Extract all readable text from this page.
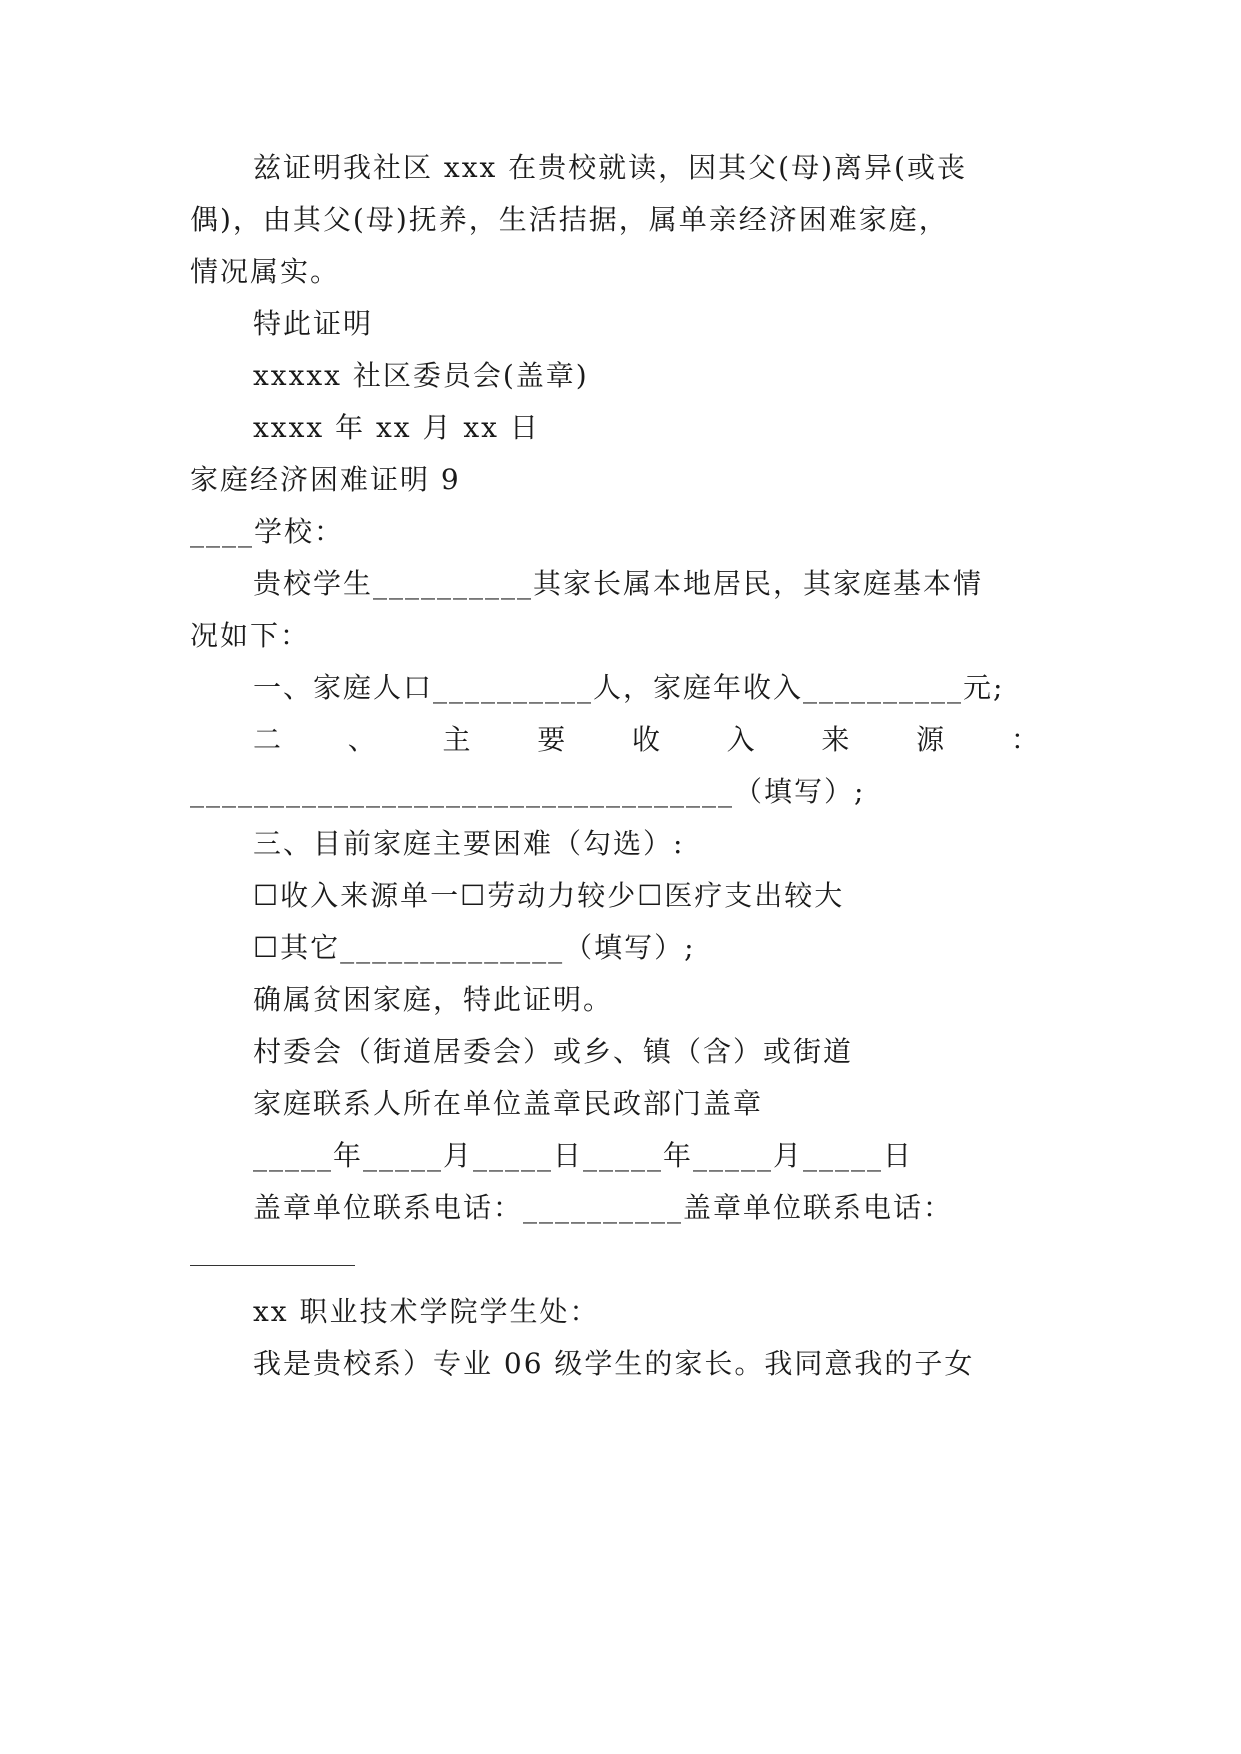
兹证明我社区 xxx 在贵校就读，因其父(母)离异(或丧
偶)，由其父(母)抚养，生活拮据，属单亲经济困难家庭，
情况属实。
特此证明
xxxxx 社区委员会(盖章)
xxxx 年 xx 月 xx 日
家庭经济困难证明 9
____学校：
贵校学生__________其家长属本地居民，其家庭基本情
况如下：
一、家庭人口__________人，家庭年收入__________元;
二 、 主 要 收 入 来 源 ：
__________________________________（填写）;
三、目前家庭主要困难（勾选）:
☐收入来源单一☐劳动力较少☐医疗支出较大
☐其它______________（填写）;
确属贫困家庭，特此证明。
村委会（街道居委会）或乡、镇（含）或街道
家庭联系人所在单位盖章民政部门盖章
_____年_____月_____日_____年_____月_____日
盖章单位联系电话：__________盖章单位联系电话：
xx 职业技术学院学生处：
我是贵校系）专业 06 级学生的家长。我同意我的子女
